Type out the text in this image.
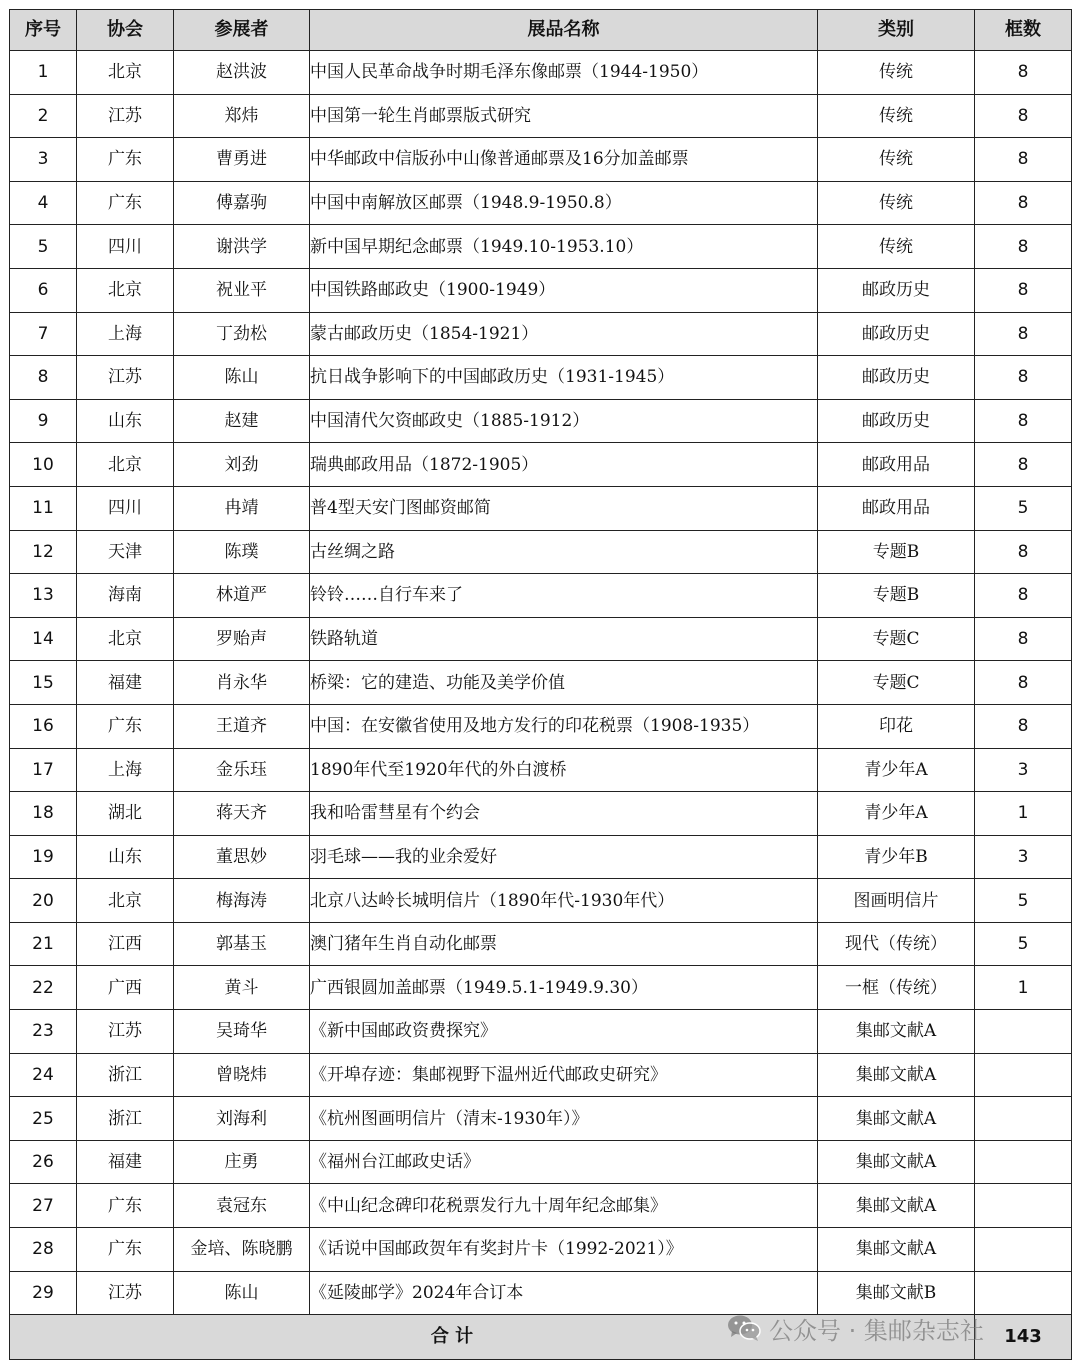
序号	协会	参展者	展品名称	类别	框数
1	北京	赵洪波	中国人民革命战争时期毛泽东像邮票（1944-1950）	传统	8
2	江苏	郑炜	中国第一轮生肖邮票版式研究	传统	8
3	广东	曹勇进	中华邮政中信版孙中山像普通邮票及16分加盖邮票	传统	8
4	广东	傅嘉驹	中国中南解放区邮票（1948.9-1950.8）	传统	8
5	四川	谢洪学	新中国早期纪念邮票（1949.10-1953.10）	传统	8
6	北京	祝业平	中国铁路邮政史（1900-1949）	邮政历史	8
7	上海	丁劲松	蒙古邮政历史（1854-1921）	邮政历史	8
8	江苏	陈山	抗日战争影响下的中国邮政历史（1931-1945）	邮政历史	8
9	山东	赵建	中国清代欠资邮政史（1885-1912）	邮政历史	8
10	北京	刘劲	瑞典邮政用品（1872-1905）	邮政用品	8
11	四川	冉靖	普4型天安门图邮资邮简	邮政用品	5
12	天津	陈璞	古丝绸之路	专题B	8
13	海南	林道严	铃铃……自行车来了	专题B	8
14	北京	罗贻声	铁路轨道	专题C	8
15	福建	肖永华	桥梁：它的建造、功能及美学价值	专题C	8
16	广东	王道齐	中国：在安徽省使用及地方发行的印花税票（1908-1935）	印花	8
17	上海	金乐珏	1890年代至1920年代的外白渡桥	青少年A	3
18	湖北	蒋天齐	我和哈雷彗星有个约会	青少年A	1
19	山东	董思妙	羽毛球——我的业余爱好	青少年B	3
20	北京	梅海涛	北京八达岭长城明信片（1890年代-1930年代）	图画明信片	5
21	江西	郭基玉	澳门猪年生肖自动化邮票	现代（传统）	5
22	广西	黄斗	广西银圆加盖邮票（1949.5.1-1949.9.30）	一框（传统）	1
23	江苏	吴琦华	《新中国邮政资费探究》	集邮文献A	
24	浙江	曾晓炜	《开埠存迹：集邮视野下温州近代邮政史研究》	集邮文献A	
25	浙江	刘海利	《杭州图画明信片（清末-1930年）》	集邮文献A	
26	福建	庄勇	《福州台江邮政史话》	集邮文献A	
27	广东	袁冠东	《中山纪念碑印花税票发行九十周年纪念邮集》	集邮文献A	
28	广东	金培、陈晓鹏	《话说中国邮政贺年有奖封片卡（1992-2021）》	集邮文献A	
29	江苏	陈山	《延陵邮学》2024年合订本	集邮文献B	
合 计					143
公众号 · 集邮杂志社
